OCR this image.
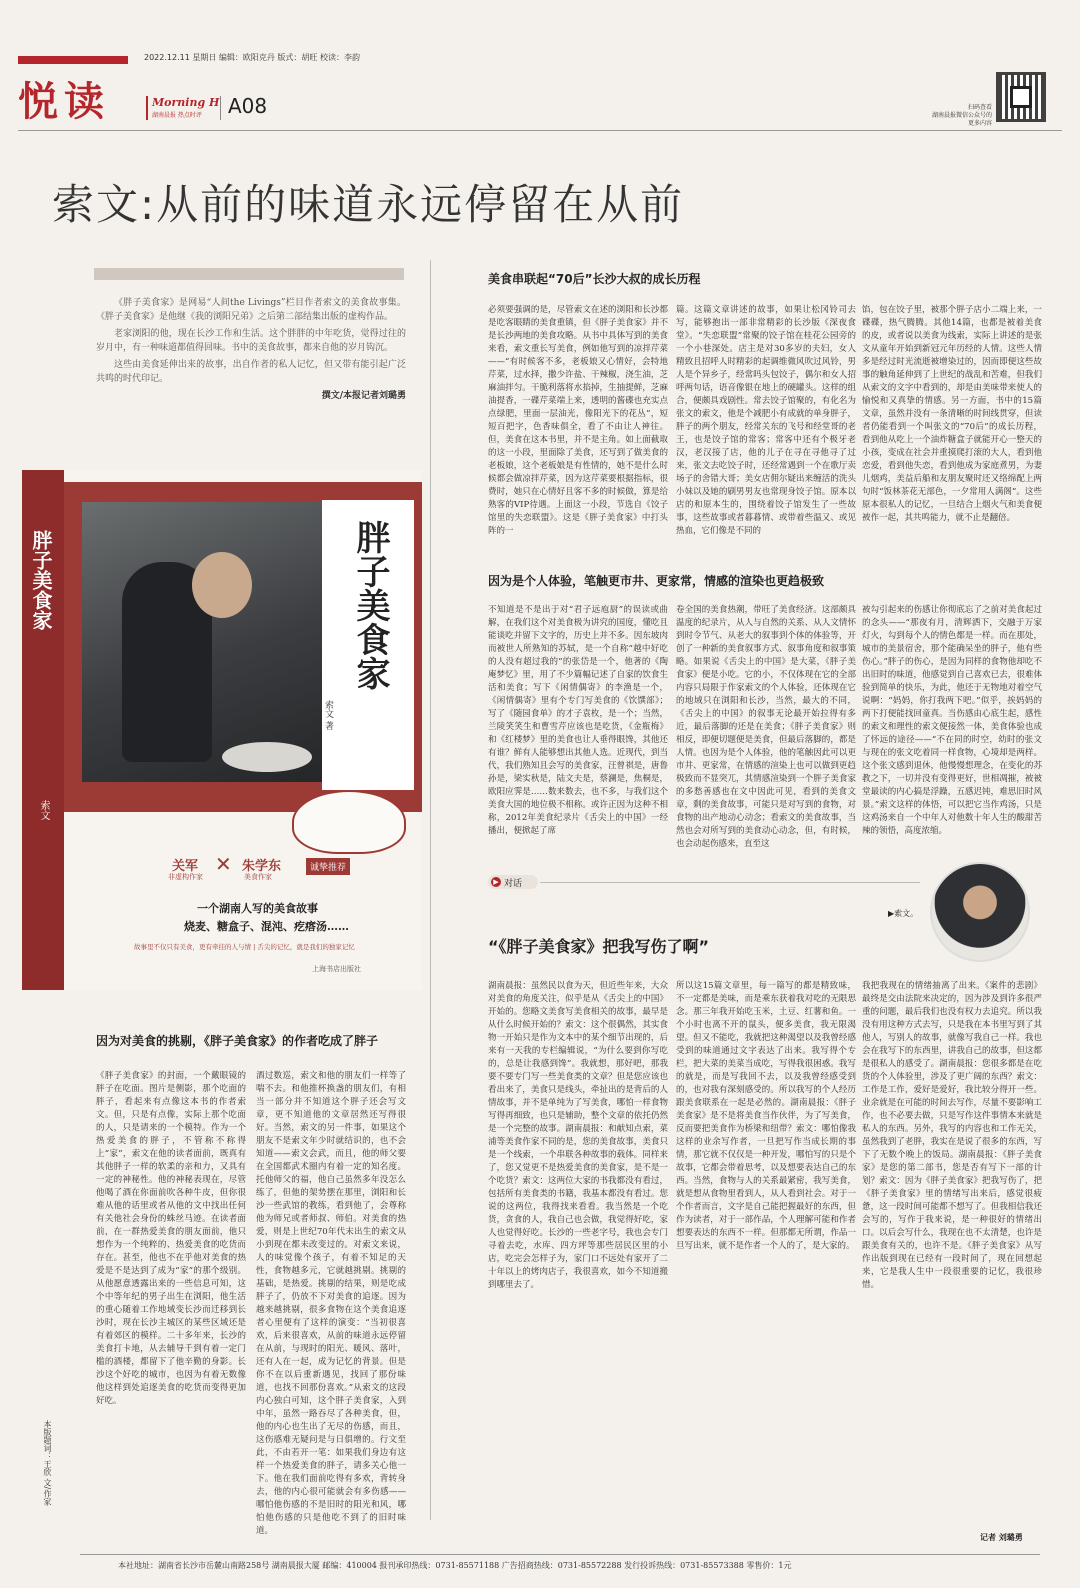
2022.12.11 星期日 编辑：欧阳克丹 版式：胡旺 校读：李韵
悦读	Morning H
湖南晨报 热点时评 A08	扫码查看
湖南晨报微信公众号的更多内容
索文:从前的味道永远停留在从前

《胖子美食家》是网易“人间the Livings”栏目作者索文的美食故事集。《胖子美食家》是他继《我的浏阳兄弟》之后第二部结集出版的虚构作品。

老家浏阳的他，现在长沙工作和生活。这个胖胖的中年吃货，觉得过往的岁月中，有一种味道都值得回味。书中的美食故事，都来自他的岁月钩沉。

这些由美食延伸出来的故事，出自作者的私人记忆，但又带有能引起广泛共鸣的时代印记。

撰文/本报记者刘璐勇
胖子美食家
索文
胖子美食家
索文 著
关军
非虚构作家
✕ 朱学东
美食作家
诚挚推荐
一个湖南人写的美食故事
烧麦、糖盒子、混沌、疙瘩汤……
故事里不仅只有美食，更有牵挂的人与情 | 舌尖的记忆，就是我们的独家记忆
上海书店出版社
因为对美食的挑剔，《胖子美食家》的作者吃成了胖子
《胖子美食家》的封面，一个戴眼镜的胖子在吃面。图片是侧影，那个吃面的胖子，看起来有点像这本书的作者索文。但，只是有点像，实际上那个吃面的人，只是请来的一个模特。作为一个热爱美食的胖子，不管称不称得上“家”，索文在他的读者面前，既真有其他胖子一样的软柔的亲和力，又具有一定的神秘性。他的神秘表现在，尽管他喝了酒在你面前吹各种牛皮，但你很难从他的话里或者从他的文中找出任何有关他社会身份的蛛丝马迹。在读者面前，在一群热爱美食的朋友面前，他只想作为一个纯粹的、热爱美食的吃货而存在。甚至，他也不在乎他对美食的热爱是不是达到了成为“家”的那个级别。从他愿意透露出来的一些信息可知，这个中等年纪的男子出生在浏阳，他生活的重心随着工作地域变长沙而迁移到长沙时，现在长沙主城区的某些区域还是有着郊区的模样。二十多年来，长沙的美食打卡地，从去辅导千到有着一定门槛的酒楼，都留下了他辛勤的身影。长沙这个好吃的城市，也因为有着无数像他这样到处追逐美食的吃货而变得更加好吃。
酒过数巡，索文和他的朋友们一样等了喘不去。和他推杯换盏的朋友们，有相当一部分并不知道这个胖子还会写文章，更不知道他的文章居然还写得很好。当然，索文的另一件事，如果这个朋友不是索文年少时就结识的，也不会知道——索文会武，而且，他的师父要在全国都武术圈内有着一定的知名度。托他师父的福，他自己虽然多年没怎么练了，但他的架势摆在那里，浏阳和长沙一些武馆的教练，看到他了，会尊称他为师兄或者师叔、师伯。对美食的热爱，则是上世纪70年代末出生的索文从小到现在都未改变过的。对索文来说，人的味觉像个孩子，有着不知足的天性，食物越多元，它就越挑剔。挑剔的基础，是热爱。挑剔的结果，则是吃成胖子了，仍放不下对美食的追逐。因为越来越挑剔，很多食物在这个美食追逐者心里便有了这样的演变：“当初很喜欢，后来很喜欢，从前的味道永远停留在从前，与现时的阳光、暖风、落叶，还有人在一起，成为记忆的背景。但是你不在以后重新遇见，找回了那份味道，也找不回那份喜欢。”从索文的这段内心独白可知，这个胖子美食家，入到中年，虽然一路吞尽了各种美食，但，他的内心也生出了无尽的伤感，而且，这伤感难无疑问是与日俱增的。行文至此，不由若开一笔：如果我们身边有这样一个热爱美食的胖子，请多关心他一下。他在我们面前吃得有多欢，背转身去，他的内心很可能就会有多伤感——哪怕他伤感的不是旧时的阳光和风，哪怕他伤感的只是他吃不到了的旧时味道。
本版题词：王欣 文/作家
美食串联起“70后”长沙大叔的成长历程
必须要强调的是，尽管索文在述的浏阳和长沙都是吃客眼睛的美食重镇，但《胖子美食家》并不是长沙两地的美食攻略。从书中具体写到的美食来看，索文重长写美食，例如他写到的凉拌芹菜——“有时候客不多，老板娘又心情好，会特地芹菜，过水择，撒少许盐、干辣椒，浇生油，芝麻油拌匀。干脆利落将水掐掉，生抽提鲜，芝麻油提香，一碟芹菜端上来，透明的酱碟也充实点点绿肥，里面一层油光，像阳光下的花丛”，短短百把字，色香味俱全，看了不由让人神往。但，美食在这本书里，并不是主角。如上面截取的这一小段，里面除了美食，还写到了做美食的老板娘，这个老板娘是有性情的，她不是什么时候都会做凉拌芹菜，因为这芹菜要根据指标，很费时，她只在心情好且客不多的时候做，算是给熟客的VIP待遇。上面这一小段，节选自《饺子馆里的失恋联盟》。这是《胖子美食家》中打头阵的一
篇。这篇文章讲述的故事，如果让松冈铃司去写，能够抱出一部非常精彩的长沙版《深夜食堂》。“失恋联盟”常聚的饺子馆在桂花公园旁的一个小巷深处。店主是对30多岁的夫妇，女人精致且招呼人时精彩的起调维微风吹过风铃，男人是个异乡子，经常吗头包饺子，偶尔和女人招呼两句话，语音像银在地上的硬罐头。这样的组合，便颇具戏剧性。常去饺子馆聚的，有化名为张文的索文，他是个减肥小有成就的单身胖子，胖子的两个朋友，经常关东的飞号和经堂哥的老王，也是饺子馆的常客；常客中还有个极牙老汉，老汉接了店，他的儿子在寻在寻他寻了过来，张文去吃饺子时，还经常遇到一个在歌厅卖场子的舍错大哥；美女店佣尔疑出来缠活的洗头小妹以及她的刷男男友也常现身饺子馆。原本以店的和原本生的，围绕着饺子馆发生了一些故事，这些故事或者暮暮情、或带着些温又、或见热血，它们像是不同的
馅，包在饺子里，被那个胖子店小二端上来，一碟碟，热气腾腾。其他14篇，也都是被着美食的皮，或者说以美食为线索，实际上讲述的是张文从童年开始到新冠元年历经的人情。这些人情多是经过时光流逝被增染过的，因而即便这些故事的触角延伸到了上世纪的战乱和苦难，但我们从索文的文字中看到的，却是由美味带来使人的愉悦和又真挚的情感。另一方面，书中的15篇文章，虽然并没有一条清晰的时间线贯穿，但读者仍能看到一个叫张文的“70后”的成长历程，看到他从吃上一个油炸糖盒子就能开心一整天的小孩，变成在社会并重摸爬打滚的大人，看到他恋爱，看到他失恋，看到他成为家庭煮男，为妻儿烟鸡，美益后船和友朋友聚时还又络绵配上两句时“饭林茶花无部色，一夕常用人满阁”。这些原本很私人的记忆，一旦结合上烟火气和美食便被作一起，其共鸣能力，就不止是翻倍。
因为是个人体验，笔触更市井、更家常，情感的渲染也更趋极致
不知道是不是出于对“君子远庖厨”的误读或曲解，在我们这个对美食极为讲究的国度，懂吃且能谈吃并留下文字的，历史上并不多。因东坡肉而被世人所熟知的苏轼，是一个自称“越中好吃的人没有超过我的”的张岱是一个，他著的《陶庵梦忆》里，用了不少篇幅记述了自家的饮食生活和美食；写下《闲情偶寄》的李渔是一个，《闲情偶寄》里有个专门写美食的《饮馔部》；写了《随园食单》的才子袁枚，是一个；当然，兰陵笑笑生和曹雪芹应该也是吃货，《金瓶梅》和《红楼梦》里的美食也让人垂得眼馋，其他还有谁？鲜有人能够想出其他人选。近现代，到当代，我们熟知且会写的美食家，汪曾祺是，唐鲁孙是，梁实秋是，陆文夫是，蔡澜是，焦桐是，欧阳应霁是……数来数去，也不多，与我们这个美食大国的地位极不相称。或许正因为这种不相称，2012年美食纪录片《舌尖上的中国》一经播出，便掀起了席
卷全国的美食热潮，带旺了美食经济。这部颇具温度的纪录片，从人与自然的关系、从人文情怀到时令节气、从老大的叙事到个体的体验等，开创了一种新的美食叙事方式、叙事角度和叙事策略。如果说《舌尖上的中国》是大菜，《胖子美食家》便是小吃。它的小，不仅体现在它的全部内容只局限于作家索文的个人体验，还体现在它的地域只在浏阳和长沙，当然，最大的不同，《舌尖上的中国》的叙事无论最开始拉得有多近，最后落脚的还是在美食；《胖子美食家》则相反，即便切题便是美食，但最后落脚的，都是人情。也因为是个人体验，他的笔触因此可以更市井、更家常，在情感的渲染上也可以做到更趋极致而不显突兀，其情感渲染到一个胖子美食家的多愁善感也在文中因此可见，看到的美食文章，剩的美食故事，可能只是对写到的食物，对食物的出产地动心动念；看索文的美食故事，当然也会对所写到的美食动心动念，但，有时候，也会动起伤感来，直至这
被勾引起来的伤感让你彻底忘了之前对美食起过的念头——“那夜有月，清辉洒下，交融于万家灯火，勾到每个人的情色都是一样。而在那处，城市的美景宿舍，那个能确呆坐的胖子，他有些伤心。”胖子的伤心，是因为同样的食物他却吃不出旧时的味道，他感觉到自己喜欢已去，很难体验到简单的快乐，为此，他还于无物地对着空气说啊：“妈妈，你打我两下吧。”似乎，挨妈妈的两下打便能找回童真。当伤感由心底生起，感性的索文和理性的索文便接然一体，美食体验也成了怀远的途径——“不在同的时空，幼时的张文与现在的张文吃着同一样食物，心境却是两样。这个张文感到退休，他慢慢想理念，在变化的苏教之下，一切并没有变得更好，世相凋摧，被被堂最读的内心搞是浮躁，五感迟钝，难思旧时风景。”索文这样的体悟，可以把它当作鸡汤，只是这鸡汤来自一个中年人对他数十年人生的酸甜苦辣的领悟，高度浓缩。
▶ 对话
▶索文。
“《胖子美食家》把我写伤了啊”
湖南晨报：虽然民以食为天，但近些年来，大众对美食的角度关注，似乎是从《舌尖上的中国》开始的。您略文美食写美食相关的故事，最早是从什么时候开始的？索文：这个很偶然，其实食物一开始只是作为文本中的某个细节出现的，后来有一天我的专栏编辑说，“为什么要到你写吃的，总是让我感到馋”。我就想，那好吧，那我要不要专门写一些美食类的文章？但是您应该也看出来了，美食只是线头，牵扯出的是背后的人情故事，并不是单纯为了写美食，哪怕一样食物写得再细致，也只是辅助，整个文章的依托仍然是一个完整的故事。湖南晨报：和献知点索，菜浦等美食作家不同的是，您的美食故事，美食只是一个线索，一个串联各种故事的载体。同样来了，您又觉更不是热爱美食的美食家，是不是一个吃货？索文：这两位大家的书我都没有看过，包括所有美食类的书籍，我基本都没有看过。您说的这两位，我得找来看看。我当然是一个吃货，贪食的人，我自己也会做，我觉得好吃，家人也觉得好吃。长沙的一些老字号，我也会专门寻着去吃，水库、四方坪等那些居民区里的小店，吃完会怎样子为，家门口不远处有家开了二十年以上的烤肉店子，我很喜欢，如今不知道搬到哪里去了。
所以这15篇文章里，每一篇写的都是精致味，不一定都是美味，而是乘东获着我对吃的无限思念。那三年我开始吃玉米，土豆、红薯和鱼。一个小时也离不开的鼠头，便多美食，我无限渴望。但又不能吃，我就把这种渴望以及我曾经感受到的味道通过文字表达了出来。我写得个专栏，把大菜的美菜当成吃，写得我很困惑。我写的就是，而是写我回不去，以及我曾经感受到的，也对我有深刻感受的。所以我写的个人经历跟美食联系在一起是必然的。湖南晨报：《胖子美食家》是不是将美食当作伙伴，为了写美食，反而要把美食作为桥梁和纽带？索文：哪怕像我这样的业余写作者，一旦把写作当成长期的事情，那它就不仅仅是一种开发，哪怕写的只是个故事，它都会带着思考，以及想要表达自己的东西。当然，食物与人的关系最紧密，我写美食，就是想从食物里看到人，从人看到社会。对于一个作者而言，文字是自己能把握最好的东西，但作为读者，对于一部作品，个人理解可能和作者想要表达的东西不一样。但那都无所谓，作品一旦写出来，就不是作者一个人的了，是大家的。
我把我现在的情绪抽离了出来。《案件的悲剧》最终是交由法院来决定的，因为涉及到许多很严重的问题，最后我们也没有权力去追究。所以我没有用这种方式去写，只是我在本书里写到了其他人，写别人的故事，就像写我自己一样。我也会在我写下的东西里，讲我自己的故事，但这都是很私人的感受了。湖南晨报：您很多都是在吃货的个人体验里，涉及了更广阔的东西？索文：工作是工作，爱好是爱好，我比较分得开一些。业余就是在可能的时间去写作，尽量不要影响工作，也不必要去做，只是写作这件事情本来就是私人的东西。另外，我写的内容也和工作无关，虽然我到了老胖，我实在是说了很多的东西，写下了无数个晚上的饭局。湖南晨报：《胖子美食家》是您的第二部书，您是否有写下一部的计划？索文：因为《胖子美食家》把我写伤了，把《胖子美食家》里的情绪写出来后，感觉很疲惫，这一段时间可能都不想写了。但我相信我还会写的，写作于我来说，是一种很好的情绪出口。以后会写什么，我现在也不太清楚，也许是跟美食有关的，也许不是。《胖子美食家》从写作出版到现在已经有一段时间了，现在回想起来，它是我人生中一段很重要的记忆，我很珍惜。
记者 刘璐勇
本社地址：湖南省长沙市岳麓山南路258号 湖南晨报大厦 邮编：410004 报刊承印热线：0731-85571188 广告招商热线：0731-85572288 发行投诉热线：0731-85573388 零售价：1元
